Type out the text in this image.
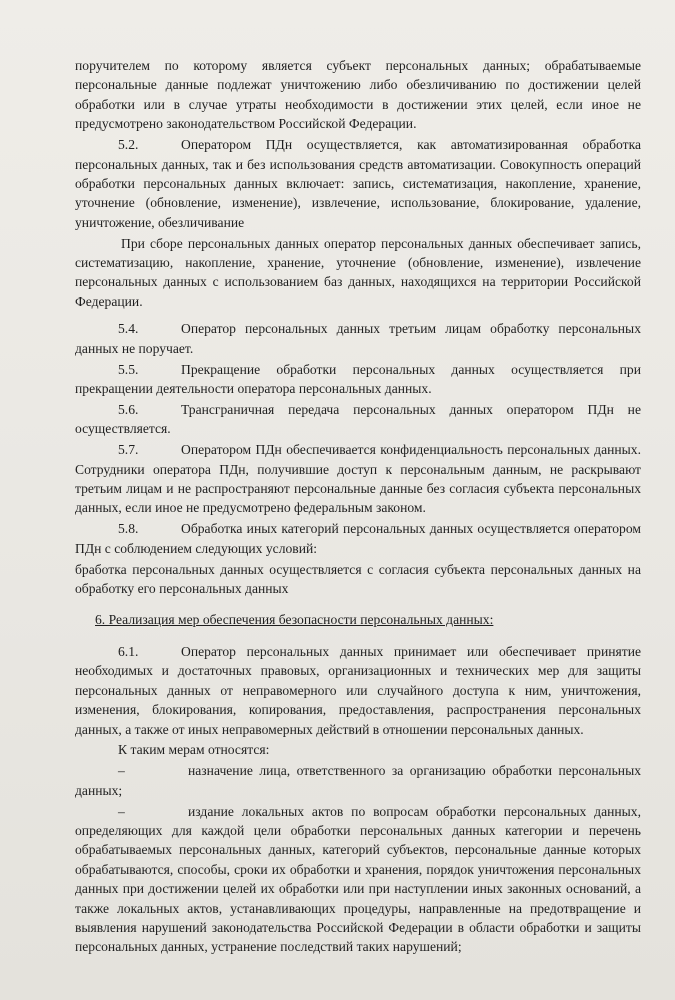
поручителем по которому является субъект персональных данных; обрабатываемые персональные данные подлежат уничтожению либо обезличиванию по достижении целей обработки или в случае утраты необходимости в достижении этих целей, если иное не предусмотрено законодательством Российской Федерации.

5.2.	Оператором ПДн осуществляется, как автоматизированная обработка персональных данных, так и без использования средств автоматизации. Совокупность операций обработки персональных данных включает: запись, систематизация, накопление, хранение, уточнение (обновление, изменение), извлечение, использование, блокирование, удаление, уничтожение, обезличивание

При сборе персональных данных оператор персональных данных обеспечивает запись, систематизацию, накопление, хранение, уточнение (обновление, изменение), извлечение персональных данных с использованием баз данных, находящихся на территории Российской Федерации.

5.4.	Оператор персональных данных третьим лицам обработку персональных данных не поручает.

5.5.	Прекращение обработки персональных данных осуществляется при прекращении деятельности оператора персональных данных.

5.6.	Трансграничная передача персональных данных оператором ПДн не осуществляется.

5.7.	Оператором ПДн обеспечивается конфиденциальность персональных данных. Сотрудники оператора ПДн, получившие доступ к персональным данным, не раскрывают третьим лицам и не распространяют персональные данные без согласия субъекта персональных данных, если иное не предусмотрено федеральным законом.

5.8.	Обработка иных категорий персональных данных осуществляется оператором ПДн с соблюдением следующих условий:

бработка персональных данных осуществляется с согласия субъекта персональных данных на обработку его персональных данных

6. Реализация мер обеспечения безопасности персональных данных:

6.1.	Оператор персональных данных принимает или обеспечивает принятие необходимых и достаточных правовых, организационных и технических мер для защиты персональных данных от неправомерного или случайного доступа к ним, уничтожения, изменения, блокирования, копирования, предоставления, распространения персональных данных, а также от иных неправомерных действий в отношении персональных данных.

К таким мерам относятся:

–	назначение лица, ответственного за организацию обработки персональных данных;

–	издание локальных актов по вопросам обработки персональных данных, определяющих для каждой цели обработки персональных данных категории и перечень обрабатываемых персональных данных, категорий субъектов, персональные данные которых обрабатываются, способы, сроки их обработки и хранения, порядок уничтожения персональных данных при достижении целей их обработки или при наступлении иных законных оснований, а также локальных актов, устанавливающих процедуры, направленные на предотвращение и выявления нарушений законодательства Российской Федерации в области обработки и защиты персональных данных, устранение последствий таких нарушений;
